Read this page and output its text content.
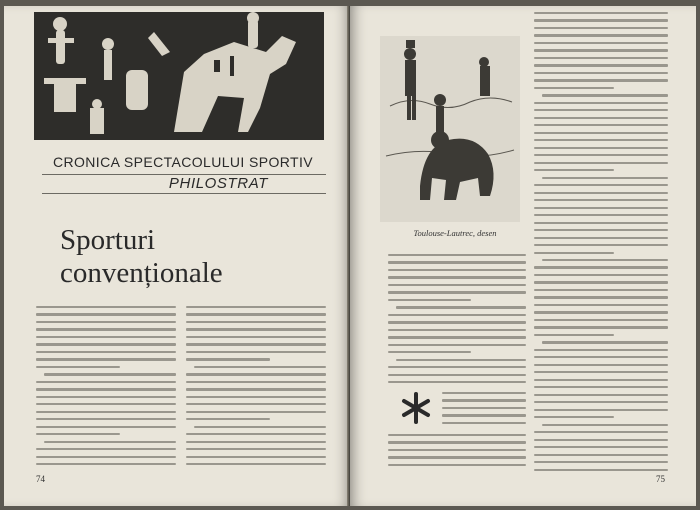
CRONICA SPECTACOLULUI SPORTIV
PHILOSTRAT
Sporturi
convenționale
74
Toulouse-Lautrec, desen
75
